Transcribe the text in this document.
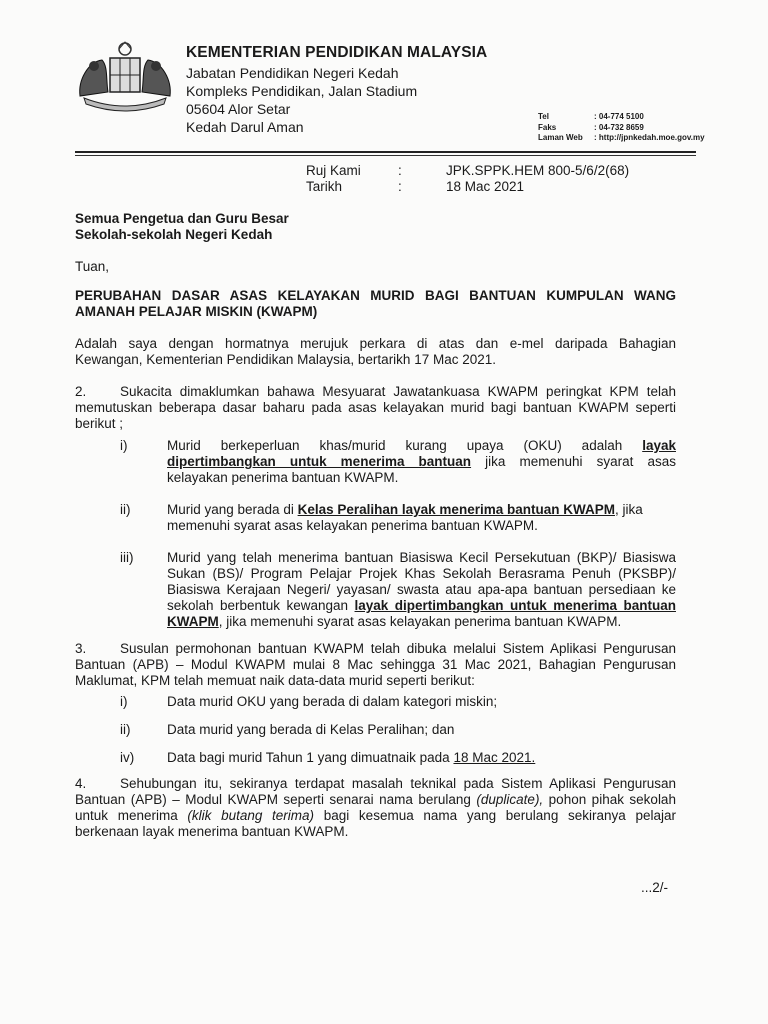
KEMENTERIAN PENDIDIKAN MALAYSIA
Jabatan Pendidikan Negeri Kedah
Kompleks Pendidikan, Jalan Stadium
05604 Alor Setar
Kedah Darul Aman
Tel	: 04-774 5100
Faks	: 04-732 8659
Laman Web	: http://jpnkedah.moe.gov.my
Ruj Kami	:	JPK.SPPK.HEM 800-5/6/2(68)
Tarikh	:	18 Mac 2021
Semua Pengetua dan Guru Besar
Sekolah-sekolah Negeri Kedah
Tuan,
PERUBAHAN DASAR ASAS KELAYAKAN MURID BAGI BANTUAN KUMPULAN WANG
AMANAH PELAJAR MISKIN (KWAPM)
Adalah saya dengan hormatnya merujuk perkara di atas dan e-mel daripada Bahagian
Kewangan, Kementerian Pendidikan Malaysia, bertarikh 17 Mac 2021.
2. Sukacita dimaklumkan bahawa Mesyuarat Jawatankuasa KWAPM peringkat KPM telah
memutuskan beberapa dasar baharu pada asas kelayakan murid bagi bantuan KWAPM seperti
berikut ;
i)	Murid berkeperluan khas/murid kurang upaya (OKU) adalah layak
dipertimbangkan untuk menerima bantuan jika memenuhi syarat asas
kelayakan penerima bantuan KWAPM.
ii)	Murid yang berada di Kelas Peralihan layak menerima bantuan KWAPM, jika
memenuhi syarat asas kelayakan penerima bantuan KWAPM.
iii) Murid yang telah menerima bantuan Biasiswa Kecil Persekutuan (BKP)/ Biasiswa
Sukan (BS)/ Program Pelajar Projek Khas Sekolah Berasrama Penuh (PKSBP)/
Biasiswa Kerajaan Negeri/ yayasan/ swasta atau apa-apa bantuan persediaan ke
sekolah berbentuk kewangan layak dipertimbangkan untuk menerima bantuan
KWAPM, jika memenuhi syarat asas kelayakan penerima bantuan KWAPM.
3. Susulan permohonan bantuan KWAPM telah dibuka melalui Sistem Aplikasi Pengurusan
Bantuan (APB) – Modul KWAPM mulai 8 Mac sehingga 31 Mac 2021, Bahagian Pengurusan
Maklumat, KPM telah memuat naik data-data murid seperti berikut:
i)	Data murid OKU yang berada di dalam kategori miskin;
ii)	Data murid yang berada di Kelas Peralihan; dan
iv) Data bagi murid Tahun 1 yang dimuatnaik pada 18 Mac 2021.
4. Sehubungan itu, sekiranya terdapat masalah teknikal pada Sistem Aplikasi Pengurusan
Bantuan (APB) – Modul KWAPM seperti senarai nama berulang (duplicate), pohon pihak sekolah
untuk menerima (klik butang terima) bagi kesemua nama yang berulang sekiranya pelajar
berkenaan layak menerima bantuan KWAPM.
...2/-
